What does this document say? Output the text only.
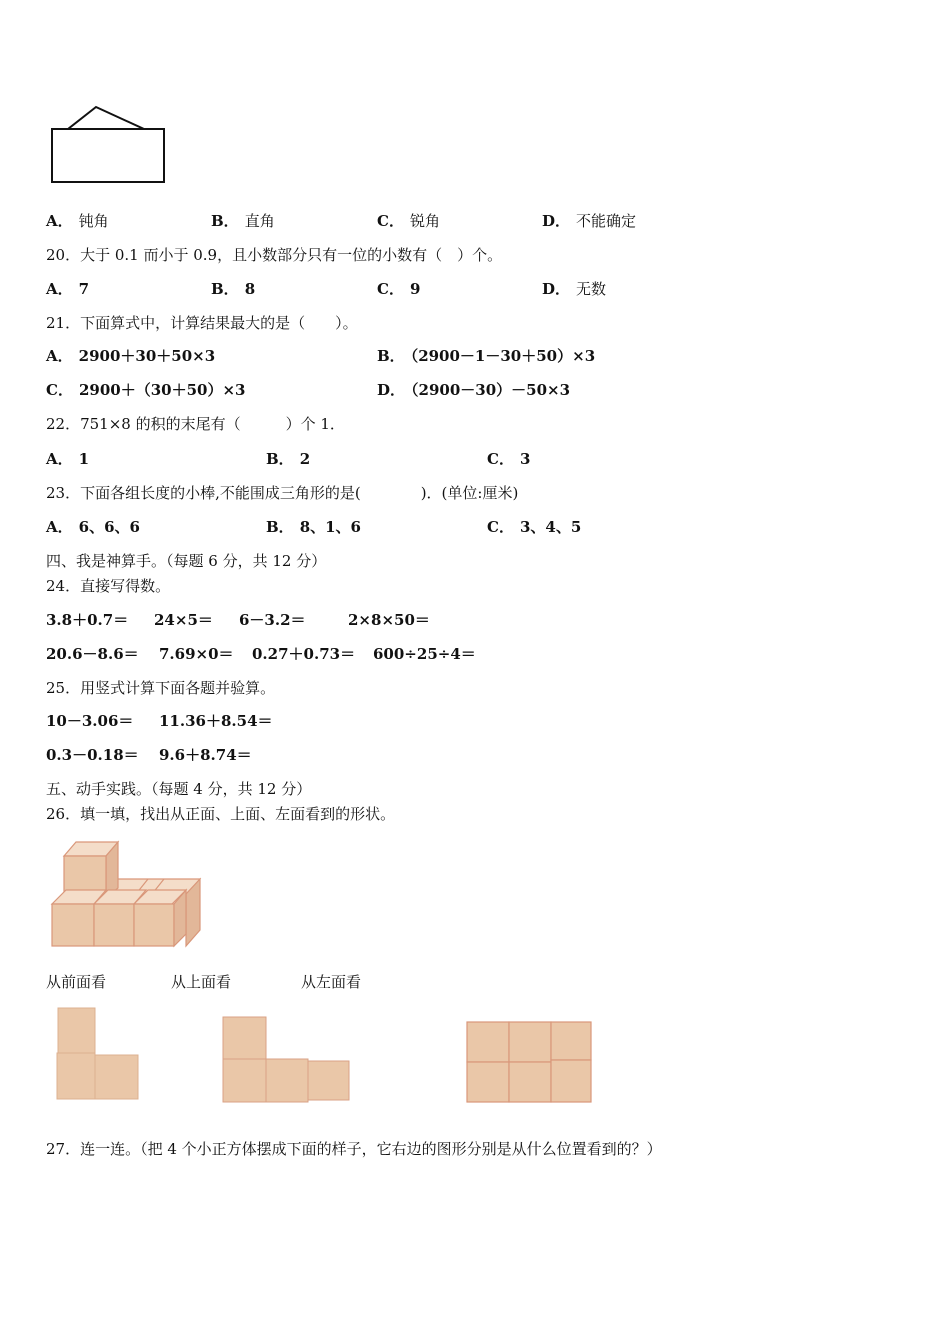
A． 钝角	B． 直角	C． 锐角	D． 不能确定
20．大于 0.1 而小于 0.9，且小数部分只有一位的小数有（　）个。
A． 7	B． 8	C． 9	D． 无数
21．下面算式中，计算结果最大的是（　　）。
A． 2900＋30＋50×3	B． （2900－1－30＋50）×3
C． 2900＋（30＋50）×3	D． （2900－30）－50×3
22．751×8 的积的末尾有（　　　）个 1．
A． 1	B． 2	C． 3
23．下面各组长度的小棒,不能围成三角形的是(　　　　)．(单位:厘米)
A． 6、6、6	B． 8、1、6	C． 3、4、5
四、我是神算手。（每题 6 分，共 12 分）
24．直接写得数。
3.8＋0.7＝ 24×5＝ 6－3.2＝	2×8×50＝
20.6－8.6＝ 7.69×0＝ 0.27＋0.73＝ 600÷25÷4＝
25．用竖式计算下面各题并验算。
10－3.06＝ 11.36＋8.54＝
0.3－0.18＝ 9.6＋8.74＝
五、动手实践。（每题 4 分，共 12 分）
26．填一填，找出从正面、上面、左面看到的形状。
从前面看	从上面看	从左面看
27．连一连。（把 4 个小正方体摆成下面的样子，它右边的图形分别是从什么位置看到的？）
